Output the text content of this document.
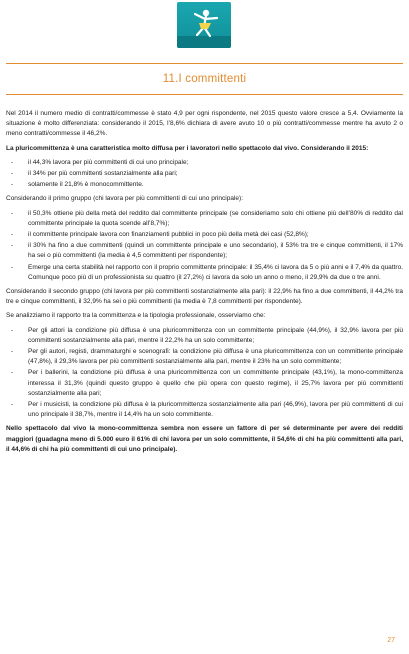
11.I committenti

Nel 2014 il numero medio di contratti/commesse è stato 4,9 per ogni rispondente, nel 2015 questo valore cresce a 5,4. Ovviamente la situazione è molto differenziata: considerando il 2015, l’8,6% dichiara di avere avuto 10 o più contratti/commesse mentre ha avuto 2 o meno contratti/commesse il 46,2%.

La pluricommittenza è una caratteristica molto diffusa per i lavoratori nello spettacolo dal vivo. Considerando il 2015:

- il 44,3% lavora per più committenti di cui uno principale;
- il 34% per più committenti sostanzialmente alla pari;
- solamente il 21,8% è monocommittente.

Considerando il primo gruppo (chi lavora per più committenti di cui uno principale):

- il 50,3% ottiene più della metà del reddito dal committente principale (se consideriamo solo chi ottiene più dell’80% di reddito dal committente principale la quota scende all’8,7%);
- il committente principale lavora con finanziamenti pubblici in poco più della metà dei casi (52,8%);
- il 30% ha fino a due committenti (quindi un committente principale e uno secondario), il 53% tra tre e cinque committenti, il 17% ha sei o più committenti (la media è 4,5 committenti per rispondente);
- Emerge una certa stabilità nel rapporto con il proprio committente principale: il 35,4% ci lavora da 5 o più anni e il 7,4% da quattro. Comunque poco più di un professionista su quattro (il 27,2%) ci lavora da solo un anno o meno, il 29,9% da due o tre anni.

Considerando il secondo gruppo (chi lavora per più committenti sostanzialmente alla pari): il 22,9% ha fino a due committenti, il 44,2% tra tre e cinque committenti, il 32,9% ha sei o più committenti (la media è 7,8 committenti per rispondente).

Se analizziamo il rapporto tra la committenza e la tipologia professionale, osserviamo che:

- Per gli attori la condizione più diffusa è una pluricommittenza con un committente principale (44,9%), il 32,9% lavora per più committenti sostanzialmente alla pari, mentre il 22,2% ha un solo committente;
- Per gli autori, registi, drammaturghi e scenografi: la condizione più diffusa è una pluricommittenza con un committente principale (47,8%), il 29,3% lavora per più committenti sostanzialmente alla pari, mentre il 23% ha un solo committente;
- Per i ballerini, la condizione più diffusa è una pluricommittenza con un committente principale (43,1%), la mono-committenza interessa il 31,3% (quindi questo gruppo è quello che più opera con questo regime), il 25,7% lavora per più committenti sostanzialmente alla pari;
- Per i musicisti, la condizione più diffusa è la pluricommittenza sostanzialmente alla pari (46,9%), lavora per più committenti di cui uno principale il 38,7%, mentre il 14,4% ha un solo committente.

Nello spettacolo dal vivo la mono-committenza sembra non essere un fattore di per sé determinante per avere dei redditi maggiori (guadagna meno di 5.000 euro il 61% di chi lavora per un solo committente, il 54,6% di chi ha più committenti alla pari, il 44,6% di chi ha più committenti di cui uno principale).

27
